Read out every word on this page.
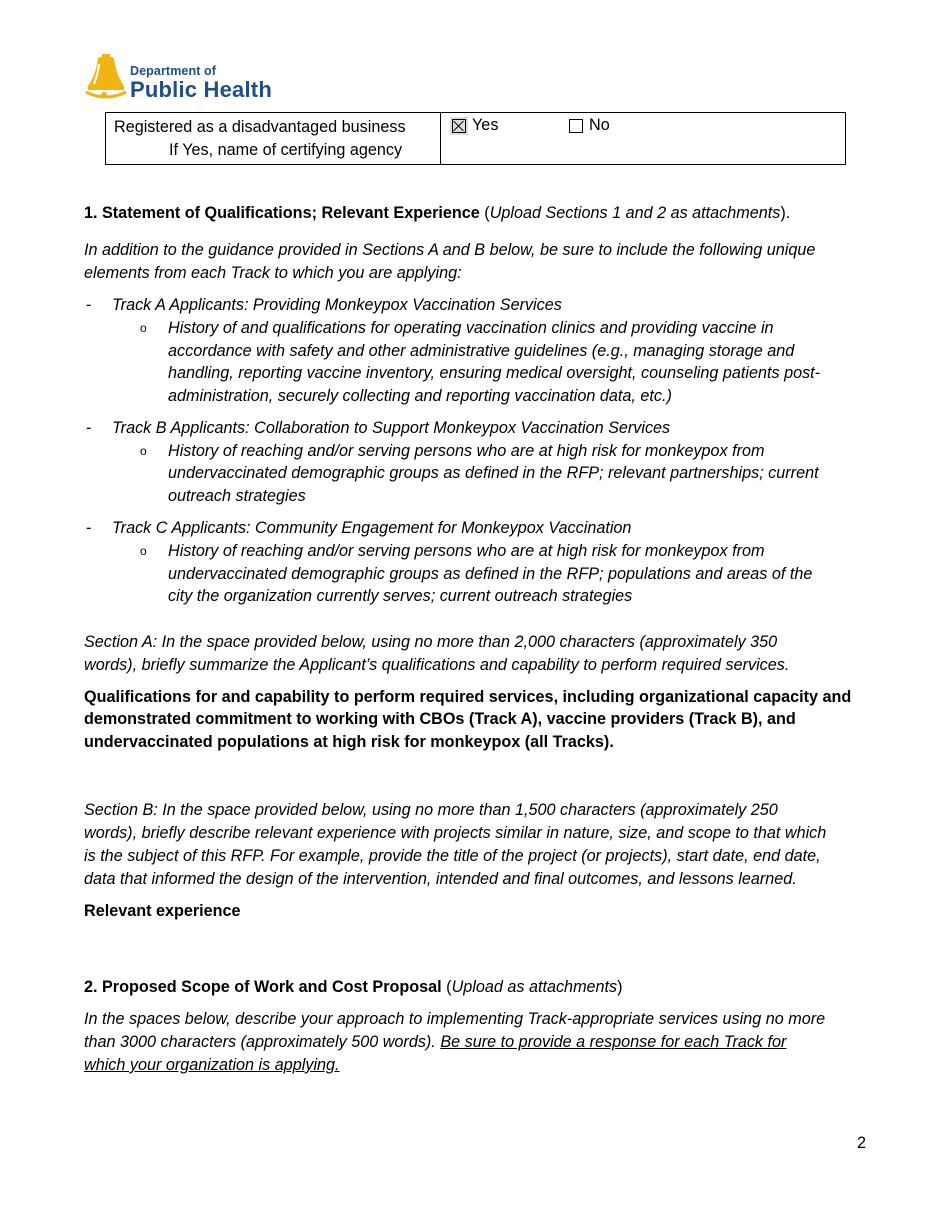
Department of
Public Health
Registered as a disadvantaged business
If Yes, name of certifying agency
Yes	No
1. Statement of Qualifications; Relevant Experience (Upload Sections 1 and 2 as attachments).
In addition to the guidance provided in Sections A and B below, be sure to include the following unique
elements from each Track to which you are applying:
- Track A Applicants: Providing Monkeypox Vaccination Services
o History of and qualifications for operating vaccination clinics and providing vaccine in
accordance with safety and other administrative guidelines (e.g., managing storage and
handling, reporting vaccine inventory, ensuring medical oversight, counseling patients post-
administration, securely collecting and reporting vaccination data, etc.)
- Track B Applicants: Collaboration to Support Monkeypox Vaccination Services
o History of reaching and/or serving persons who are at high risk for monkeypox from
undervaccinated demographic groups as defined in the RFP; relevant partnerships; current
outreach strategies
- Track C Applicants: Community Engagement for Monkeypox Vaccination
o History of reaching and/or serving persons who are at high risk for monkeypox from
undervaccinated demographic groups as defined in the RFP; populations and areas of the
city the organization currently serves; current outreach strategies
Section A: In the space provided below, using no more than 2,000 characters (approximately 350
words), briefly summarize the Applicant’s qualifications and capability to perform required services.
Qualifications for and capability to perform required services, including organizational capacity and
demonstrated commitment to working with CBOs (Track A), vaccine providers (Track B), and
undervaccinated populations at high risk for monkeypox (all Tracks).
Section B: In the space provided below, using no more than 1,500 characters (approximately 250
words), briefly describe relevant experience with projects similar in nature, size, and scope to that which
is the subject of this RFP. For example, provide the title of the project (or projects), start date, end date,
data that informed the design of the intervention, intended and final outcomes, and lessons learned.
Relevant experience
2. Proposed Scope of Work and Cost Proposal (Upload as attachments)
In the spaces below, describe your approach to implementing Track-appropriate services using no more
than 3000 characters (approximately 500 words). Be sure to provide a response for each Track for
which your organization is applying.
2
